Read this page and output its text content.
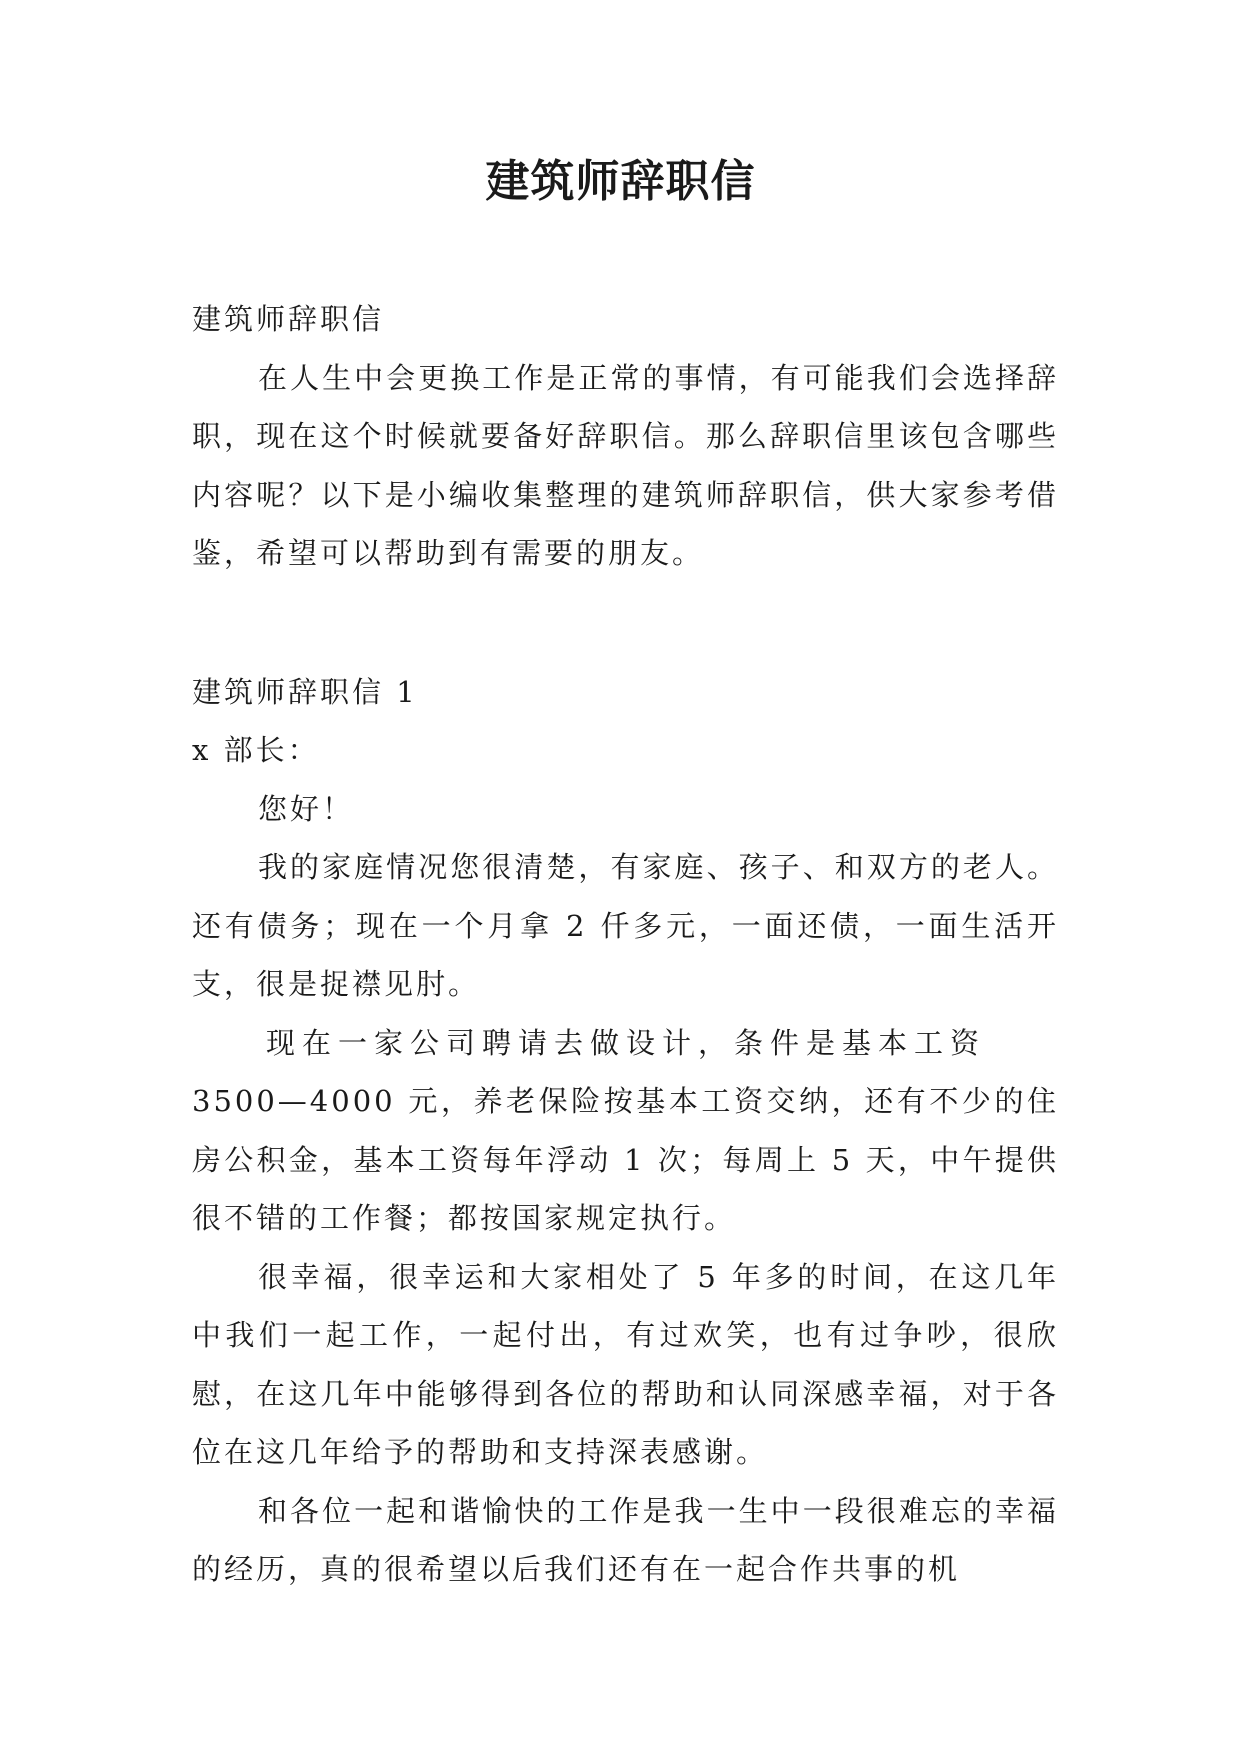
建筑师辞职信

建筑师辞职信

在人生中会更换工作是正常的事情，有可能我们会选择辞职，现在这个时候就要备好辞职信。那么辞职信里该包含哪些内容呢？以下是小编收集整理的建筑师辞职信，供大家参考借鉴，希望可以帮助到有需要的朋友。

建筑师辞职信 1

x 部长：

您好！

我的家庭情况您很清楚，有家庭、孩子、和双方的老人。还有债务；现在一个月拿 2 仟多元，一面还债，一面生活开支，很是捉襟见肘。

现在一家公司聘请去做设计，条件是基本工资

3500—4000 元，养老保险按基本工资交纳，还有不少的住房公积金，基本工资每年浮动 1 次；每周上 5 天，中午提供很不错的工作餐；都按国家规定执行。

很幸福，很幸运和大家相处了 5 年多的时间，在这几年中我们一起工作，一起付出，有过欢笑，也有过争吵，很欣慰，在这几年中能够得到各位的帮助和认同深感幸福，对于各位在这几年给予的帮助和支持深表感谢。

和各位一起和谐愉快的工作是我一生中一段很难忘的幸福的经历，真的很希望以后我们还有在一起合作共事的机
